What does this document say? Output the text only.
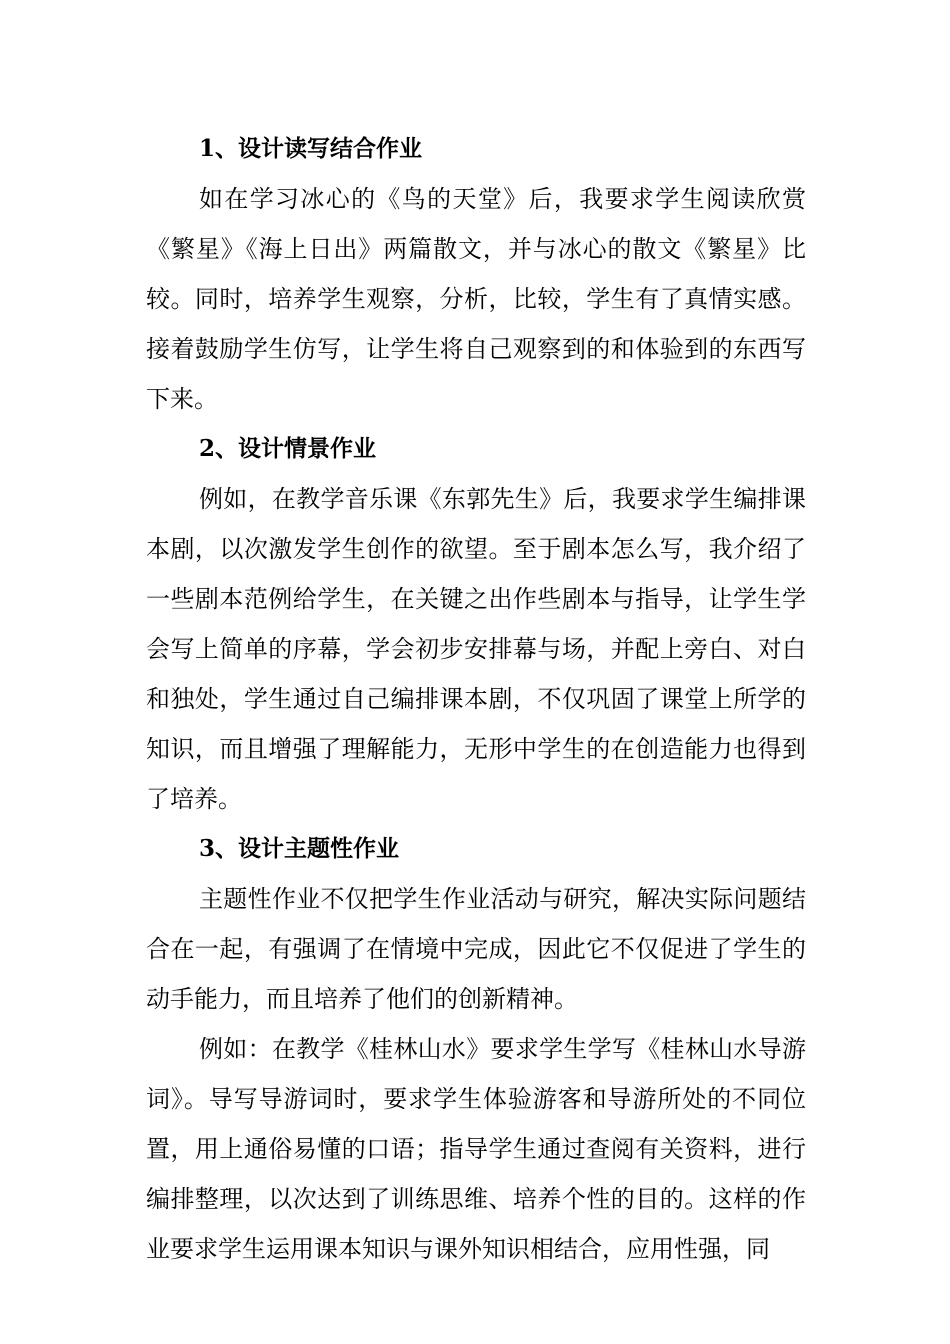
1、设计读写结合作业

如在学习冰心的《鸟的天堂》后，我要求学生阅读欣赏《繁星》《海上日出》两篇散文，并与冰心的散文《繁星》比较。同时，培养学生观察，分析，比较，学生有了真情实感。接着鼓励学生仿写，让学生将自己观察到的和体验到的东西写下来。

2、设计情景作业

例如，在教学音乐课《东郭先生》后，我要求学生编排课本剧，以次激发学生创作的欲望。至于剧本怎么写，我介绍了一些剧本范例给学生，在关键之出作些剧本与指导，让学生学会写上简单的序幕，学会初步安排幕与场，并配上旁白、对白和独处，学生通过自己编排课本剧，不仅巩固了课堂上所学的知识，而且增强了理解能力，无形中学生的在创造能力也得到了培养。

3、设计主题性作业

主题性作业不仅把学生作业活动与研究，解决实际问题结合在一起，有强调了在情境中完成，因此它不仅促进了学生的动手能力，而且培养了他们的创新精神。

例如：在教学《桂林山水》要求学生学写《桂林山水导游词》。导写导游词时，要求学生体验游客和导游所处的不同位置，用上通俗易懂的口语；指导学生通过查阅有关资料，进行编排整理，以次达到了训练思维、培养个性的目的。这样的作业要求学生运用课本知识与课外知识相结合，应用性强，同
